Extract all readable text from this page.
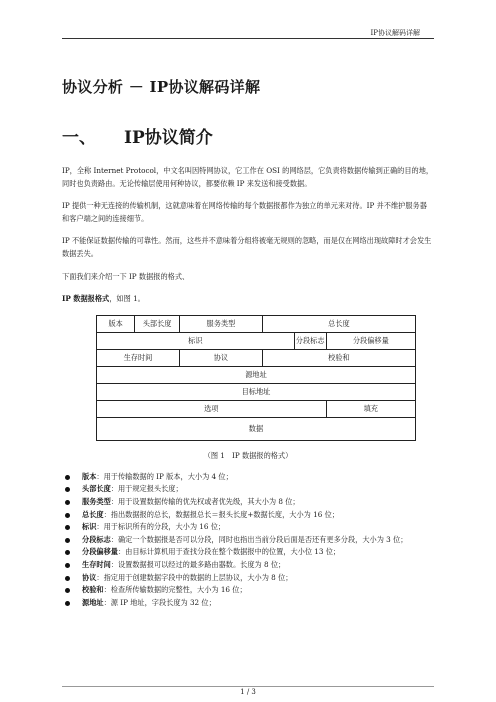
IP协议解码详解
协议分析 － IP协议解码详解
一、 IP协议简介

IP，全称 Internet Protocol，中文名叫因特网协议，它工作在 OSI 的网络层，它负责将数据传输到正确的目的地，同时也负责路由。无论传输层使用何种协议，都要依赖 IP 来发送和接受数据。

IP 提供一种无连接的传输机制，这就意味着在网络传输的每个数据报都作为独立的单元来对待。IP 并不维护服务器和客户端之间的连接细节。

IP 不能保证数据传输的可靠性。然而，这些并不意味着分组将被毫无规则的忽略，而是仅在网络出现故障时才会发生数据丢失。

下面我们来介绍一下 IP 数据报的格式、

IP 数据报格式，如图 1。

版本	头部长度	服务类型	总长度		
标识				分段标志	分段偏移量
生存时间		协议	校验和		
源地址					
目标地址					
选项					填充
数据					
（图 1　IP 数据报的格式）
版本：用于传输数据的 IP 版本，大小为 4 位；
头部长度：用于规定报头长度；
服务类型：用于设置数据传输的优先权或者优先级，其大小为 8 位；
总长度：指出数据报的总长，数据报总长＝报头长度+数据长度，大小为 16 位；
标识：用于标识所有的分段，大小为 16 位；
分段标志：确定一个数据报是否可以分段，同时也指出当前分段后面是否还有更多分段，大小为 3 位；
分段偏移量：由目标计算机用于查找分段在整个数据报中的位置，大小位 13 位；
生存时间：设置数据报可以经过的最多路由器数。长度为 8 位；
协议：指定用于创建数据字段中的数据的上层协议，大小为 8 位；
校验和：检查所传输数据的完整性，大小为 16 位；
源地址：源 IP 地址，字段长度为 32 位；
1 / 3
